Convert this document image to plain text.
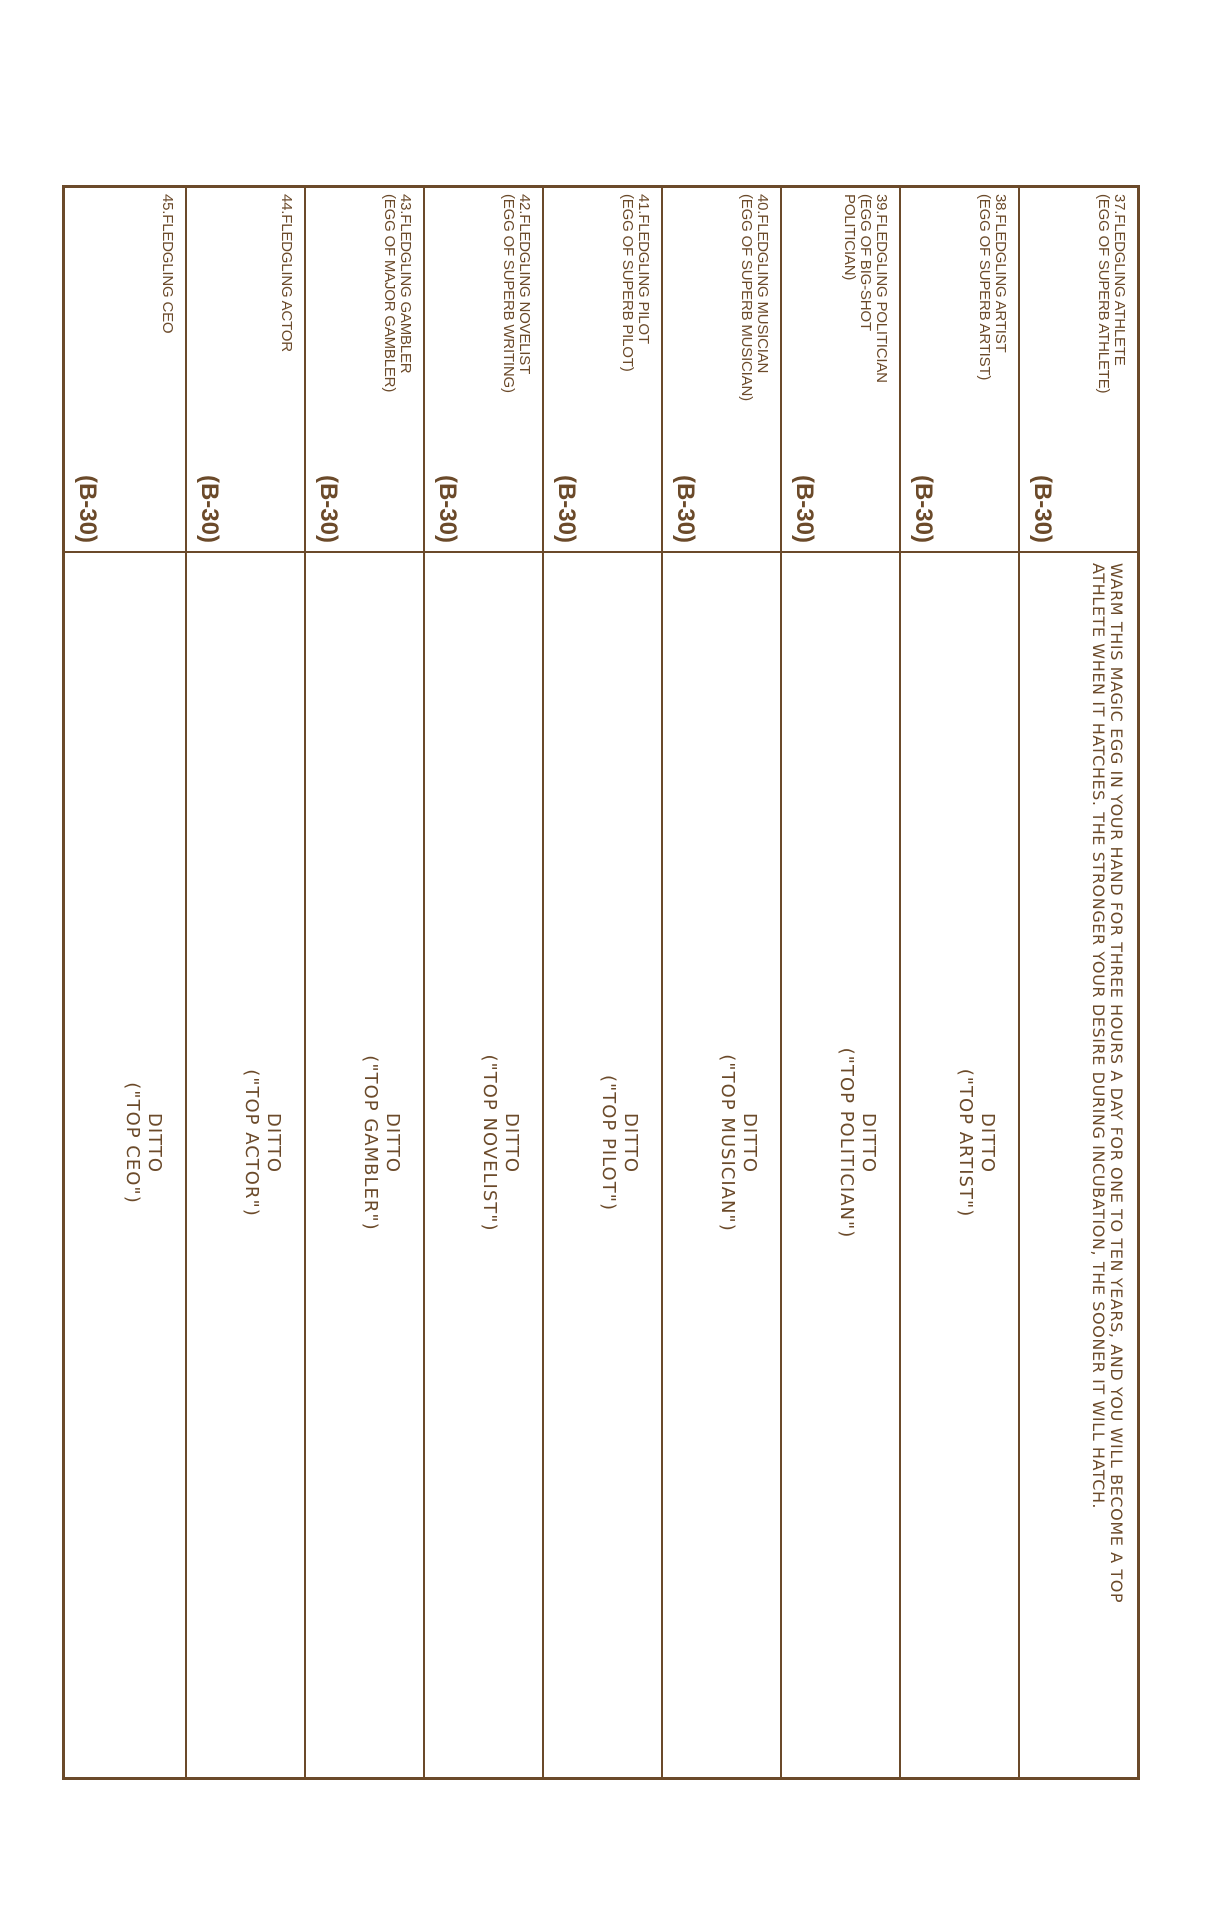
37.FLEDGLING ATHLETE
(EGG OF SUPERB ATHLETE)
(B-30)
WARM THIS MAGIC EGG IN YOUR HAND FOR THREE HOURS A DAY FOR ONE TO TEN YEARS, AND YOU WILL BECOME A TOP ATHLETE WHEN IT HATCHES. THE STRONGER YOUR DESIRE DURING INCUBATION, THE SOONER IT WILL HATCH.
38.FLEDGLING ARTIST
(EGG OF SUPERB ARTIST)
(B-30)
DITTO
("TOP ARTIST")
39.FLEDGLING POLITICIAN
(EGG OF BIG-SHOT
POLITICIAN)
(B-30)
DITTO
("TOP POLITICIAN")
40.FLEDGLING MUSICIAN
(EGG OF SUPERB MUSICIAN)
(B-30)
DITTO
("TOP MUSICIAN")
41.FLEDGLING PILOT
(EGG OF SUPERB PILOT)
(B-30)
DITTO
("TOP PILOT")
42.FLEDGLING NOVELIST
(EGG OF SUPERB WRITING)
(B-30)
DITTO
("TOP NOVELIST")
43.FLEDGLING GAMBLER
(EGG OF MAJOR GAMBLER)
(B-30)
DITTO
("TOP GAMBLER")
44.FLEDGLING ACTOR
(B-30)
DITTO
("TOP ACTOR")
45.FLEDGLING CEO
(B-30)
DITTO
("TOP CEO")
